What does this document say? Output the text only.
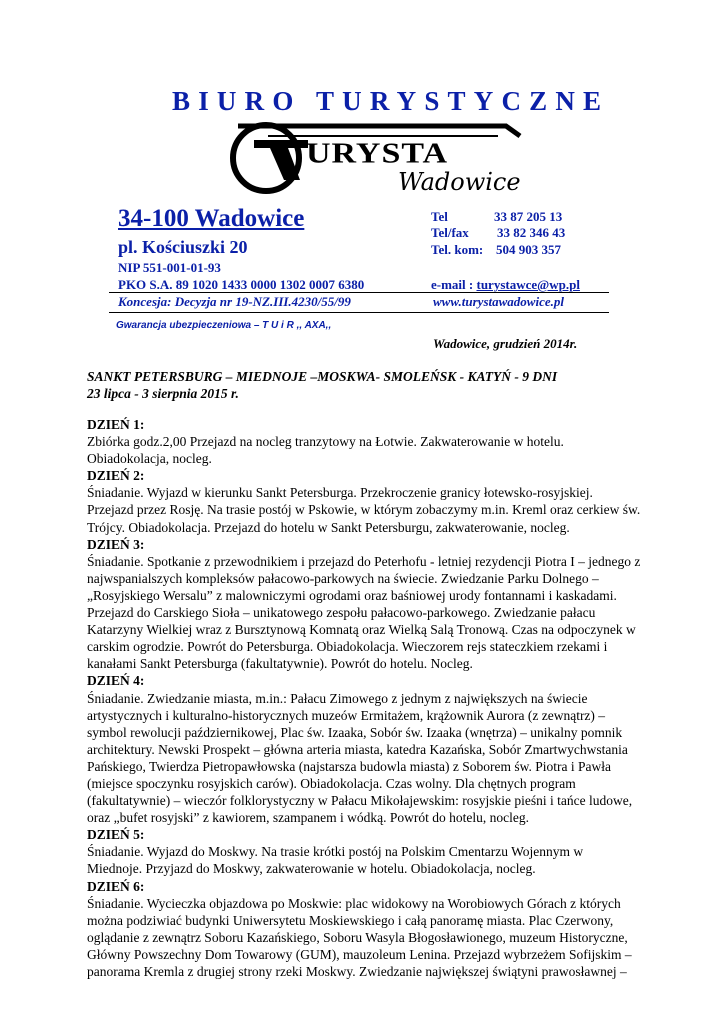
BIURO TURYSTYCZNE
URYSTA
Wadowice
34-100 Wadowice
pl. Kościuszki 20
NIP 551-001-01-93
PKO S.A. 89 1020 1433 0000 1302 0007 6380
Tel	33 87 205 13
Tel/fax 33 82 346 43
Tel. kom: 504 903 357
e-mail : turystawce@wp.pl
Koncesja: Decyzja nr 19-NZ.III.4230/55/99	www.turystawadowice.pl
Gwarancja ubezpieczeniowa – T U i R ,, AXA,,
Wadowice, grudzień 2014r.
SANKT PETERSBURG – MIEDNOJE –MOSKWA- SMOLEŃSK - KATYŃ - 9 DNI
23 lipca - 3 sierpnia 2015 r.
DZIEŃ 1:
Zbiórka godz.2,00 Przejazd na nocleg tranzytowy na Łotwie. Zakwaterowanie w hotelu.
Obiadokolacja, nocleg.
DZIEŃ 2:
Śniadanie. Wyjazd w kierunku Sankt Petersburga. Przekroczenie granicy łotewsko-rosyjskiej.
Przejazd przez Rosję. Na trasie postój w Pskowie, w którym zobaczymy m.in. Kreml oraz cerkiew św.
Trójcy. Obiadokolacja. Przejazd do hotelu w Sankt Petersburgu, zakwaterowanie, nocleg.
DZIEŃ 3:
Śniadanie. Spotkanie z przewodnikiem i przejazd do Peterhofu - letniej rezydencji Piotra I – jednego z
najwspanialszych kompleksów pałacowo-parkowych na świecie. Zwiedzanie Parku Dolnego –
„Rosyjskiego Wersalu” z malowniczymi ogrodami oraz baśniowej urody fontannami i kaskadami.
Przejazd do Carskiego Sioła – unikatowego zespołu pałacowo-parkowego. Zwiedzanie pałacu
Katarzyny Wielkiej wraz z Bursztynową Komnatą oraz Wielką Salą Tronową. Czas na odpoczynek w
carskim ogrodzie. Powrót do Petersburga. Obiadokolacja. Wieczorem rejs stateczkiem rzekami i
kanałami Sankt Petersburga (fakultatywnie). Powrót do hotelu. Nocleg.
DZIEŃ 4:
Śniadanie. Zwiedzanie miasta, m.in.: Pałacu Zimowego z jednym z największych na świecie
artystycznych i kulturalno-historycznych muzeów Ermitażem, krążownik Aurora (z zewnątrz) –
symbol rewolucji październikowej, Plac św. Izaaka, Sobór św. Izaaka (wnętrza) – unikalny pomnik
architektury. Newski Prospekt – główna arteria miasta, katedra Kazańska, Sobór Zmartwychwstania
Pańskiego, Twierdza Pietropawłowska (najstarsza budowla miasta) z Soborem św. Piotra i Pawła
(miejsce spoczynku rosyjskich carów). Obiadokolacja. Czas wolny. Dla chętnych program
(fakultatywnie) – wieczór folklorystyczny w Pałacu Mikołajewskim: rosyjskie pieśni i tańce ludowe,
oraz „bufet rosyjski” z kawiorem, szampanem i wódką. Powrót do hotelu, nocleg.
DZIEŃ 5:
Śniadanie. Wyjazd do Moskwy. Na trasie krótki postój na Polskim Cmentarzu Wojennym w
Miednoje. Przyjazd do Moskwy, zakwaterowanie w hotelu. Obiadokolacja, nocleg.
DZIEŃ 6:
Śniadanie. Wycieczka objazdowa po Moskwie: plac widokowy na Worobiowych Górach z których
można podziwiać budynki Uniwersytetu Moskiewskiego i całą panoramę miasta. Plac Czerwony,
oglądanie z zewnątrz Soboru Kazańskiego, Soboru Wasyla Błogosławionego, muzeum Historyczne,
Główny Powszechny Dom Towarowy (GUM), mauzoleum Lenina. Przejazd wybrzeżem Sofijskim –
panorama Kremla z drugiej strony rzeki Moskwy. Zwiedzanie największej świątyni prawosławnej –
